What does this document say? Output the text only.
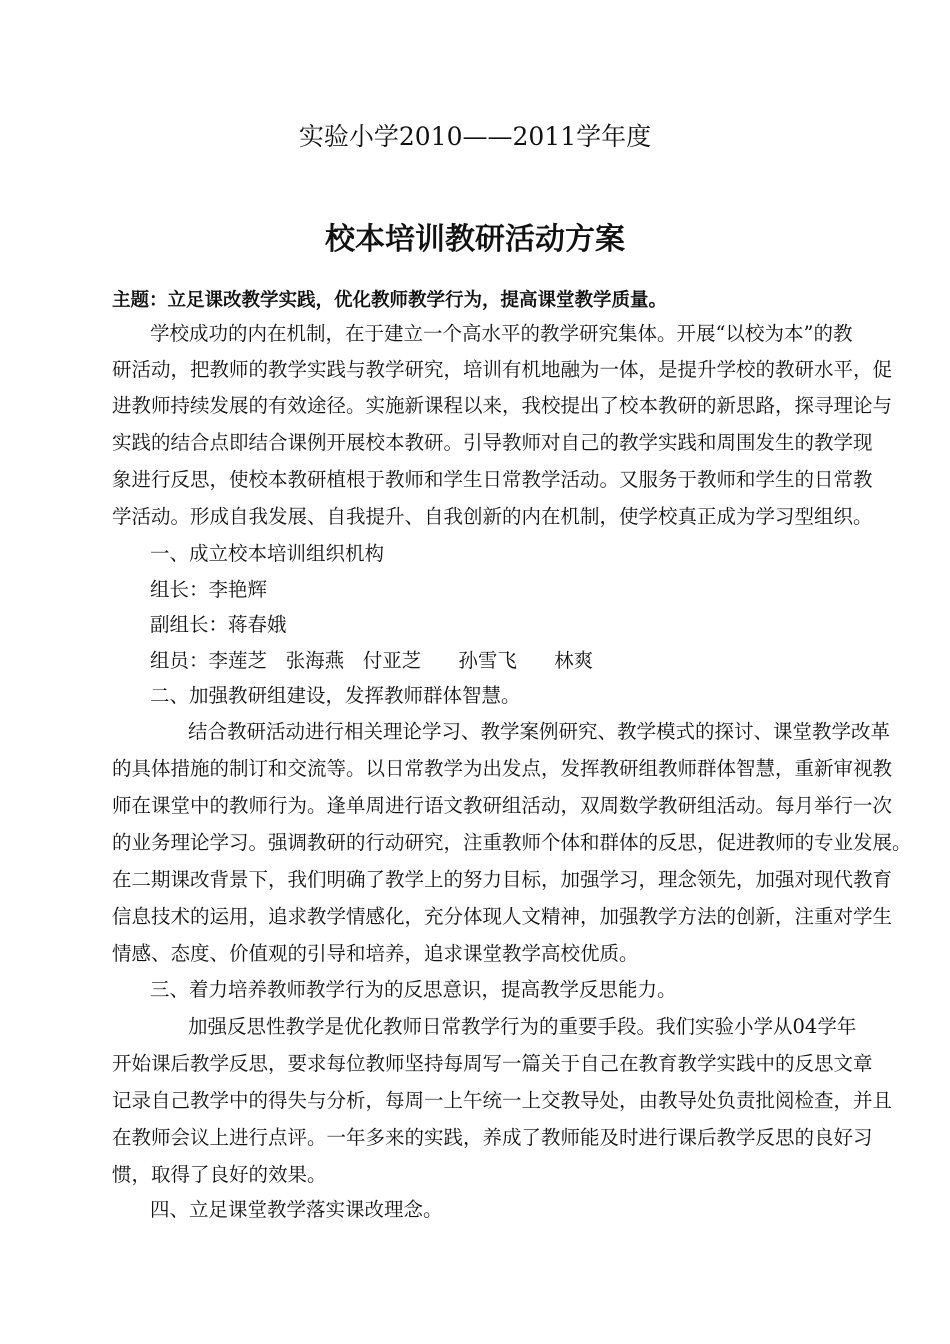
实验小学2010——2011学年度
校本培训教研活动方案
主题：立足课改教学实践，优化教师教学行为，提高课堂教学质量。
学校成功的内在机制，在于建立一个高水平的教学研究集体。开展“以校为本”的教
研活动，把教师的教学实践与教学研究，培训有机地融为一体，是提升学校的教研水平，促
进教师持续发展的有效途径。实施新课程以来，我校提出了校本教研的新思路，探寻理论与
实践的结合点即结合课例开展校本教研。引导教师对自己的教学实践和周围发生的教学现
象进行反思，使校本教研植根于教师和学生日常教学活动。又服务于教师和学生的日常教
学活动。形成自我发展、自我提升、自我创新的内在机制，使学校真正成为学习型组织。
一、成立校本培训组织机构
组长：李艳辉
副组长：蒋春娥
组员：李莲芝   张海燕   付亚芝      孙雪飞      林爽
二、加强教研组建设，发挥教师群体智慧。
结合教研活动进行相关理论学习、教学案例研究、教学模式的探讨、课堂教学改革
的具体措施的制订和交流等。以日常教学为出发点，发挥教研组教师群体智慧，重新审视教
师在课堂中的教师行为。逢单周进行语文教研组活动，双周数学教研组活动。每月举行一次
的业务理论学习。强调教研的行动研究，注重教师个体和群体的反思，促进教师的专业发展。
在二期课改背景下，我们明确了教学上的努力目标，加强学习，理念领先，加强对现代教育
信息技术的运用，追求教学情感化，充分体现人文精神，加强教学方法的创新，注重对学生
情感、态度、价值观的引导和培养，追求课堂教学高校优质。
三、着力培养教师教学行为的反思意识，提高教学反思能力。
加强反思性教学是优化教师日常教学行为的重要手段。我们实验小学从04学年
开始课后教学反思，要求每位教师坚持每周写一篇关于自己在教育教学实践中的反思文章
记录自己教学中的得失与分析，每周一上午统一上交教导处，由教导处负责批阅检查，并且
在教师会议上进行点评。一年多来的实践，养成了教师能及时进行课后教学反思的良好习
惯，取得了良好的效果。
四、立足课堂教学落实课改理念。
